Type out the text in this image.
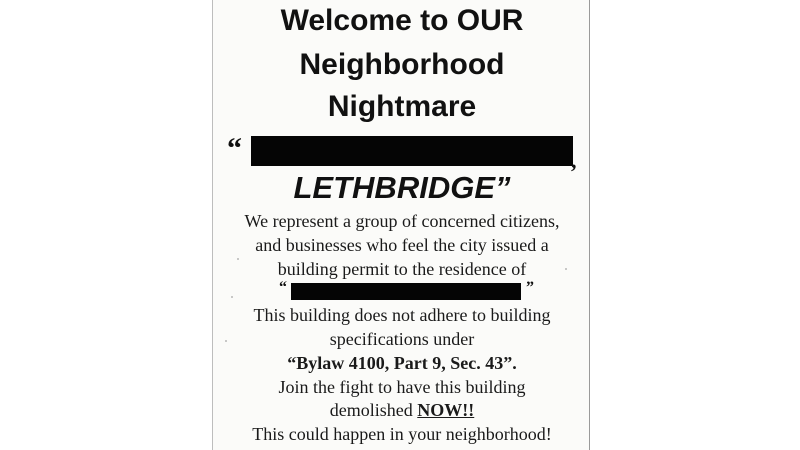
Welcome to OUR
Neighborhood
Nightmare
“	,
LETHBRIDGE”
We represent a group of concerned citizens,
and businesses who feel the city issued a
building permit to the residence of
“	”
This building does not adhere to building
specifications under
“Bylaw 4100, Part 9, Sec. 43”.
Join the fight to have this building
demolished NOW!!
This could happen in your neighborhood!
